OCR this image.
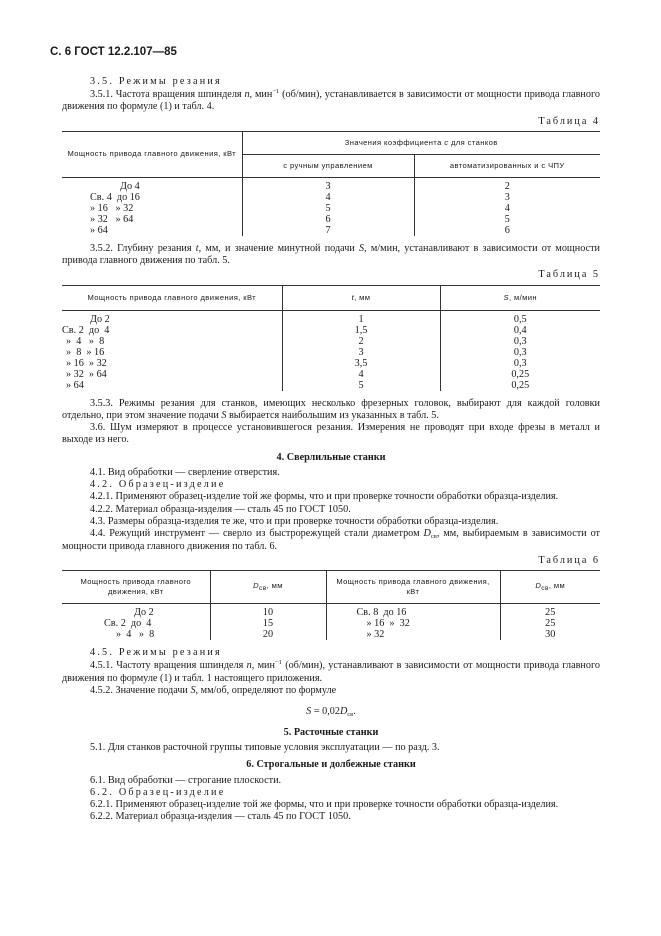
С. 6 ГОСТ 12.2.107—85

3.5. Режимы резания

3.5.1. Частота вращения шпинделя n, мин$^{-1}$ (об/мин), устанавливается в зависимости от мощности привода главного движения по формуле (1) и табл. 4.

Таблица 4

Мощность привода главного движения, кВт	Значения коэффициента c для станков	
	с ручным управлением	автоматизированных и с ЧПУ
До 4	3	2
Св. 4  до 16	4	3
» 16   » 32	5	4
» 32   » 64	6	5
» 64	7	6

3.5.2. Глубину резания t, мм, и значение минутной подачи S, м/мин, устанавливают в зависимости от мощности привода главного движения по табл. 5.

Таблица 5

Мощность привода главного движения, кВт	t, мм	S, м/мин
До 2	1	0,5
Св. 2  до  4	1,5	0,4
»  4   »  8	2	0,3
»  8  » 16	3	0,3
» 16  » 32	3,5	0,3
» 32  » 64	4	0,25
» 64	5	0,25

3.5.3. Режимы резания для станков, имеющих несколько фрезерных головок, выбирают для каждой головки отдельно, при этом значение подачи S выбирается наибольшим из указанных в табл. 5.

3.6. Шум измеряют в процессе установившегося резания. Измерения не проводят при входе фрезы в металл и выходе из него.

4. Сверлильные станки

4.1. Вид обработки — сверление отверстия.

4.2. Образец-изделие

4.2.1. Применяют образец-изделие той же формы, что и при проверке точности обработки образца-изделия.

4.2.2. Материал образца-изделия — сталь 45 по ГОСТ 1050.

4.3. Размеры образца-изделия те же, что и при проверке точности обработки образца-изделия.

4.4. Режущий инструмент — сверло из быстрорежущей стали диаметром $D_{св}$, мм, выбираемым в зависимости от мощности привода главного движения по табл. 6.

Таблица 6

Мощность привода главного движения, кВт	Dсв, мм	Мощность привода главного движения, кВт	Dсв, мм
До 2	10	Св. 8  до 16	25
Св. 2  до  4	15	» 16  »  32	25
»  4   »  8	20	» 32	30

4.5. Режимы резания

4.5.1. Частоту вращения шпинделя n, мин$^{-1}$ (об/мин), устанавливают в зависимости от мощности привода главного движения по формуле (1) и табл. 1 настоящего приложения.

4.5.2. Значение подачи S, мм/об, определяют по формуле

$S = 0,02D_{св}$.

5. Расточные станки

5.1. Для станков расточной группы типовые условия эксплуатации — по разд. 3.

6. Строгальные и долбежные станки

6.1. Вид обработки — строгание плоскости.

6.2. Образец-изделие

6.2.1. Применяют образец-изделие той же формы, что и при проверке точности обработки образца-изделия.

6.2.2. Материал образца-изделия — сталь 45 по ГОСТ 1050.
